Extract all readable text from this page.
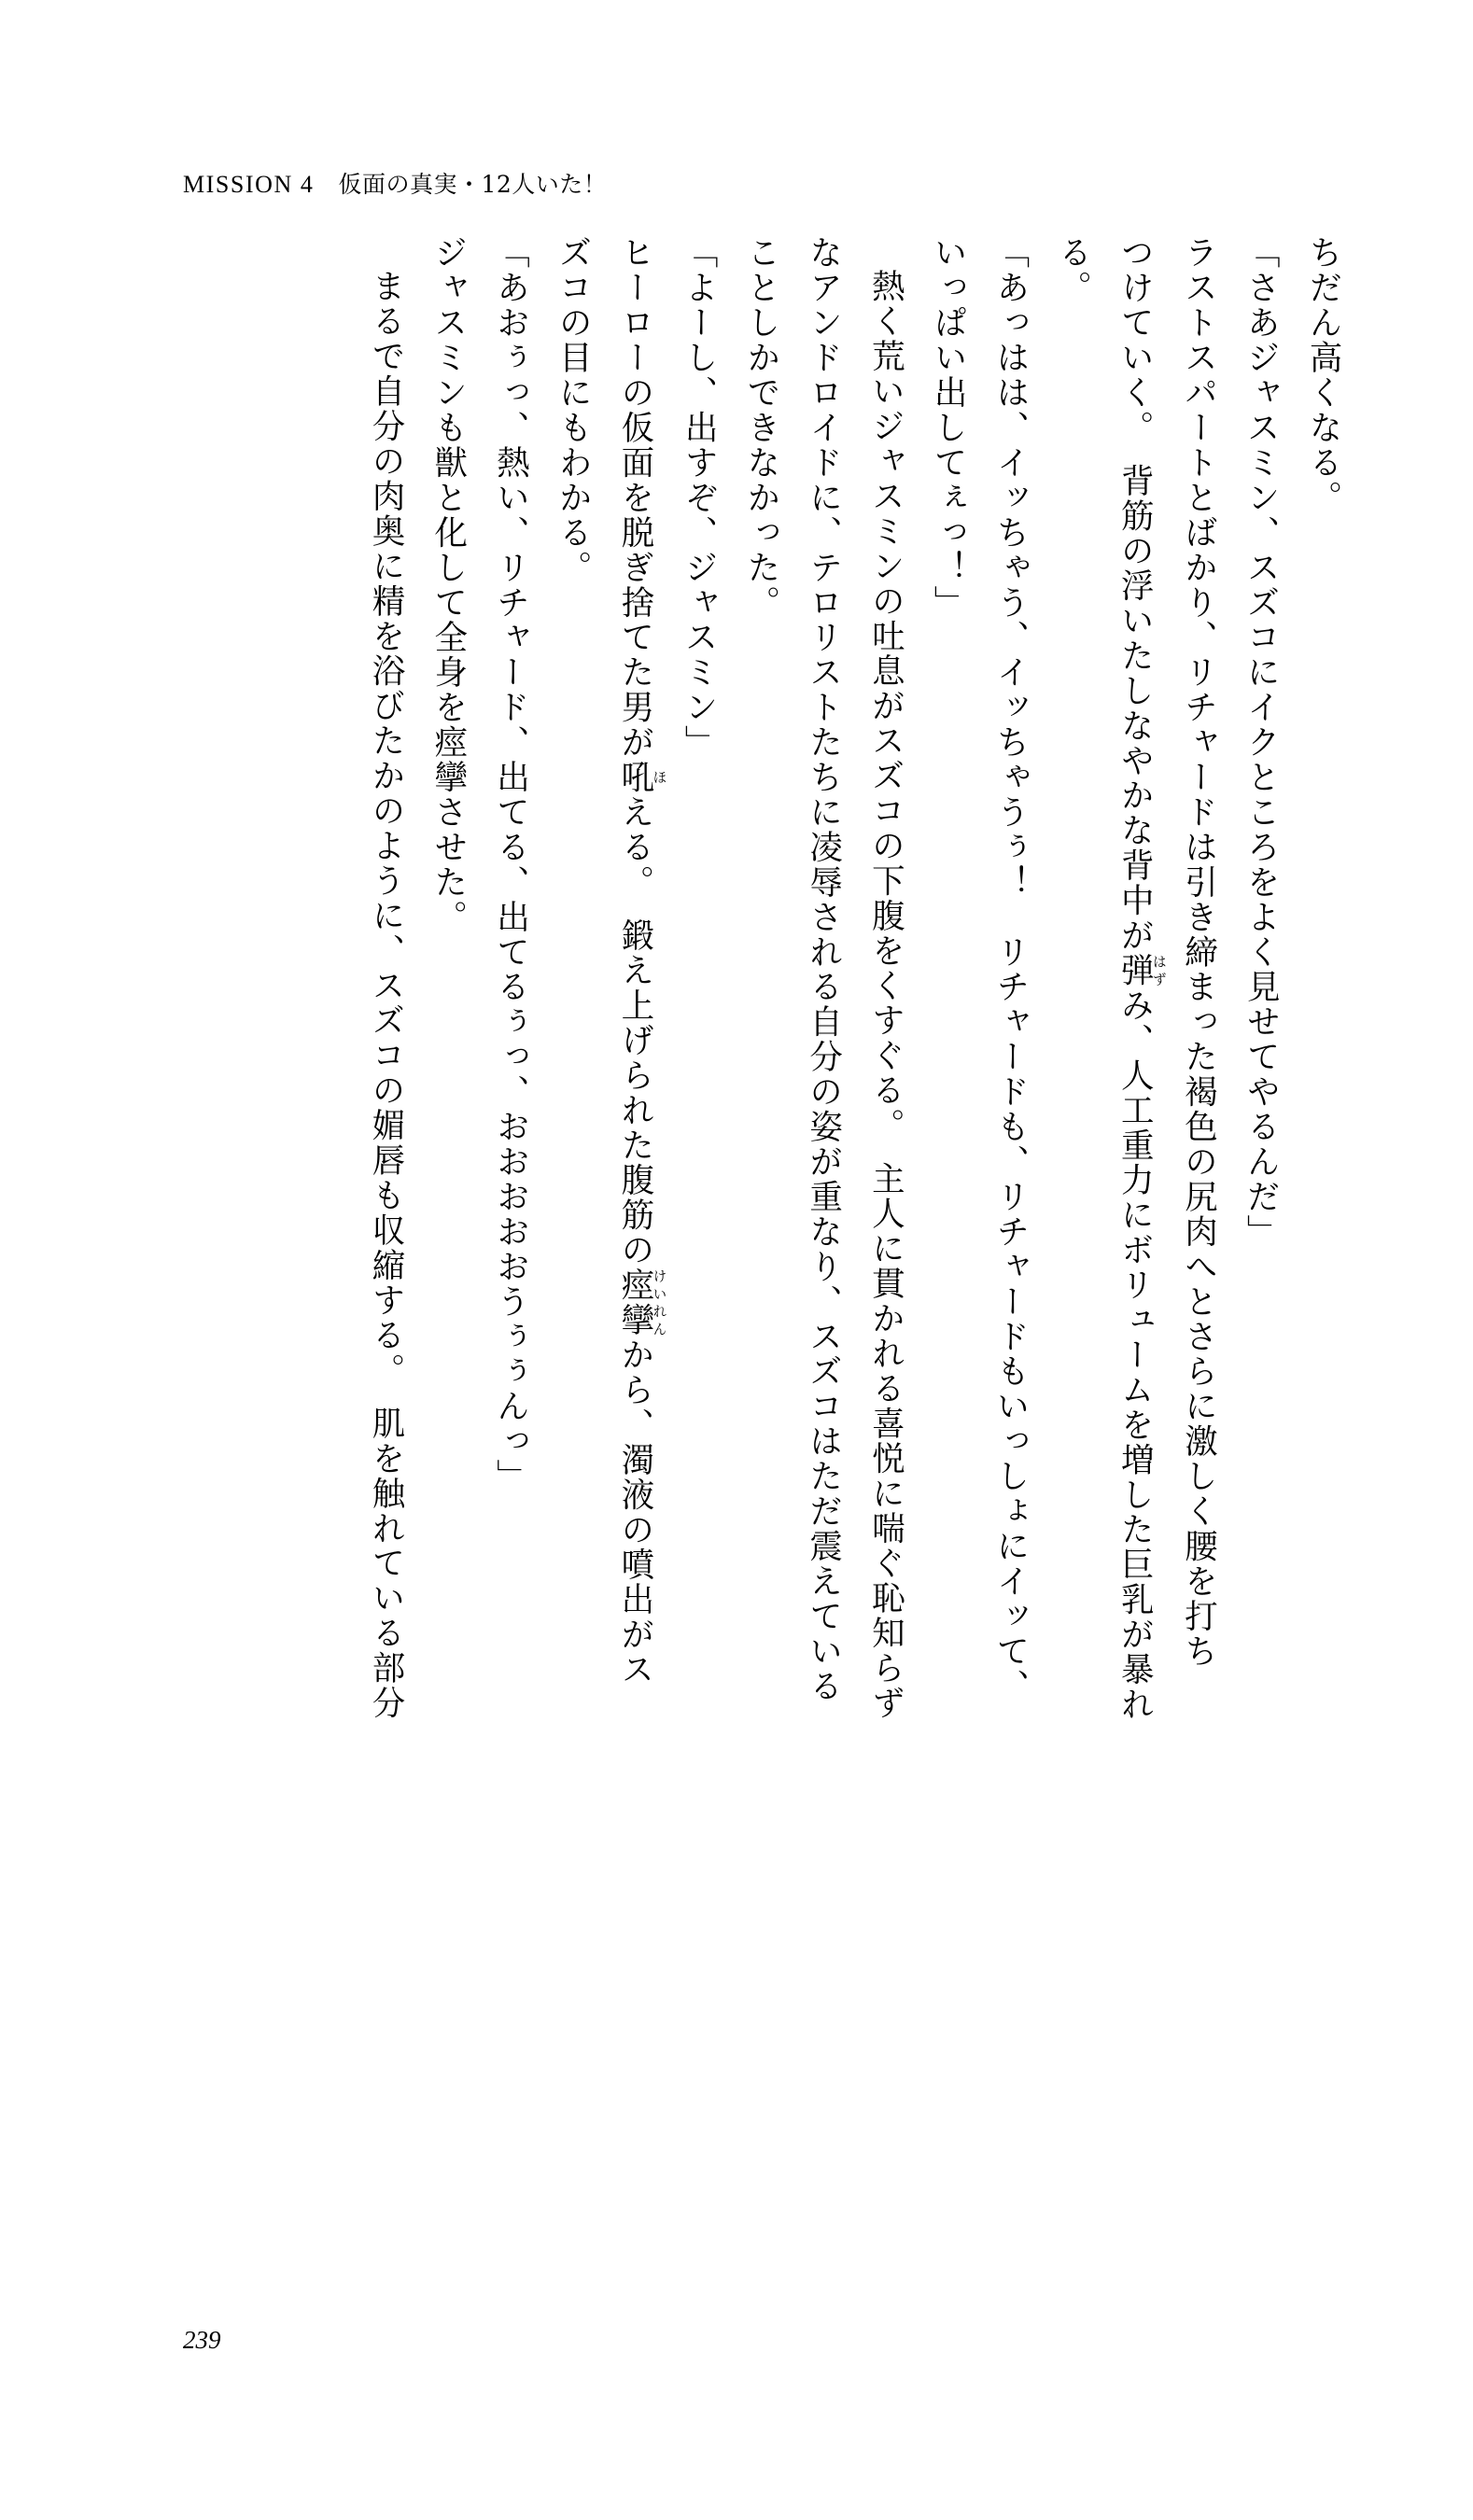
MISSION 4 仮面の真実・12人いた！

ちだん高くなる。

「さあジャスミン、スズコにイクところをよく見せてやるんだ」

ラストスパートとばかり、リチャードは引き締まった褐色の尻肉へとさらに激しく腰を打ち

つけていく。　背筋の浮いたしなやかな背中が弾はずみ、人工重力にボリュームを増した巨乳が暴れ

る。

「あっはは、イッちゃう、イッちゃうぅ！　リチャードも、リチャードもいっしょにイッて、

いっぱい出してぇっ！」

熱く荒いジャスミンの吐息がスズコの下腹をくすぐる。　主人に貫かれる喜悦に喘ぐ恥知らず

なアンドロイドに、テロリストたちに凌辱される自分の姿が重なり、スズコはただ震えている

ことしかできなかった。

「よーし、出すぞ、ジャスミン」

ヒーローの仮面を脱ぎ捨てた男が吼ほえる。　鍛え上げられた腹筋の痙攣けいれんから、濁液の噴出がス

ズコの目にもわかる。

「あおぅっ、熱い、リチャード、出てる、出てるぅっ、おおおおおうぅぅんっ」

ジャスミンも獣と化して全身を痙攣させた。

まるで自分の肉奥に精を浴びたかのように、スズコの媚唇も収縮する。　肌を触れている部分

239
